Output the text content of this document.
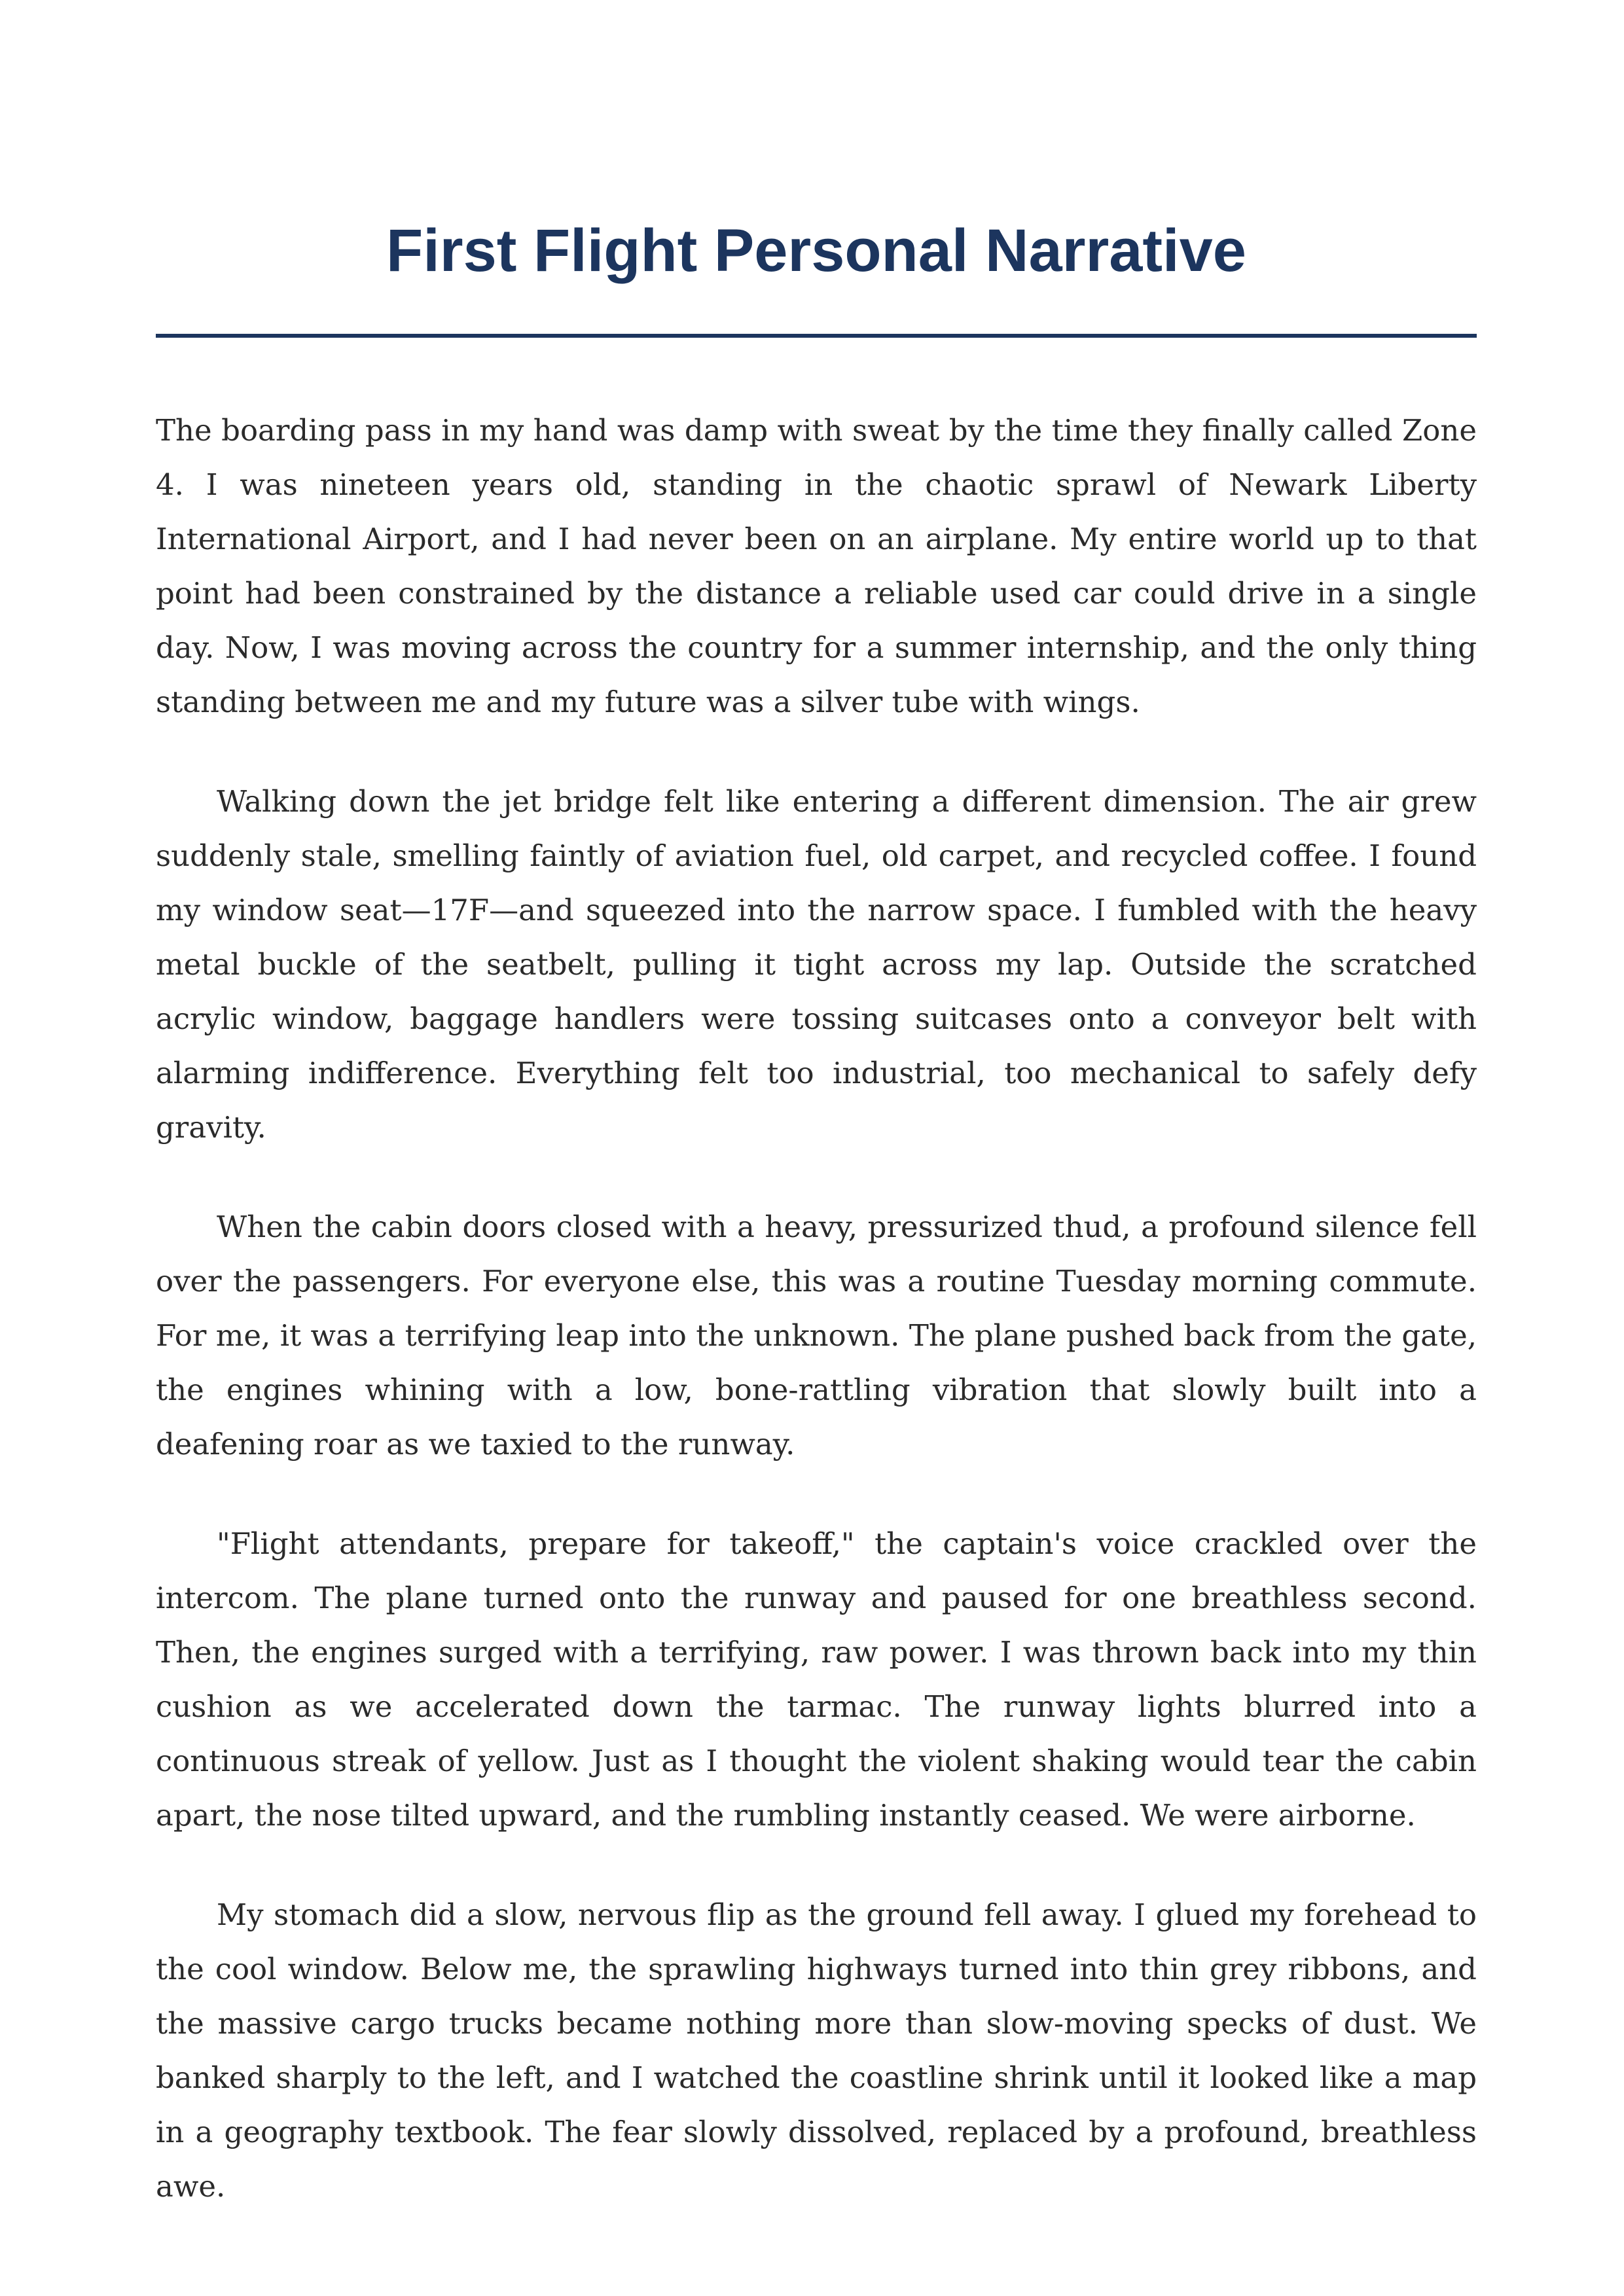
First Flight Personal Narrative

The boarding pass in my hand was damp with sweat by the time they finally called Zone 4. I was nineteen years old, standing in the chaotic sprawl of Newark Liberty International Airport, and I had never been on an airplane. My entire world up to that point had been constrained by the distance a reliable used car could drive in a single day. Now, I was moving across the country for a summer internship, and the only thing standing between me and my future was a silver tube with wings.

Walking down the jet bridge felt like entering a different dimension. The air grew suddenly stale, smelling faintly of aviation fuel, old carpet, and recycled coffee. I found my window seat—17F—and squeezed into the narrow space. I fumbled with the heavy metal buckle of the seatbelt, pulling it tight across my lap. Outside the scratched acrylic window, baggage handlers were tossing suitcases onto a conveyor belt with alarming indifference. Everything felt too industrial, too mechanical to safely defy gravity.

When the cabin doors closed with a heavy, pressurized thud, a profound silence fell over the passengers. For everyone else, this was a routine Tuesday morning commute. For me, it was a terrifying leap into the unknown. The plane pushed back from the gate, the engines whining with a low, bone-rattling vibration that slowly built into a deafening roar as we taxied to the runway.

"Flight attendants, prepare for takeoff," the captain's voice crackled over the intercom. The plane turned onto the runway and paused for one breathless second. Then, the engines surged with a terrifying, raw power. I was thrown back into my thin cushion as we accelerated down the tarmac. The runway lights blurred into a continuous streak of yellow. Just as I thought the violent shaking would tear the cabin apart, the nose tilted upward, and the rumbling instantly ceased. We were airborne.

My stomach did a slow, nervous flip as the ground fell away. I glued my forehead to the cool window. Below me, the sprawling highways turned into thin grey ribbons, and the massive cargo trucks became nothing more than slow-moving specks of dust. We banked sharply to the left, and I watched the coastline shrink until it looked like a map in a geography textbook. The fear slowly dissolved, replaced by a profound, breathless awe.
